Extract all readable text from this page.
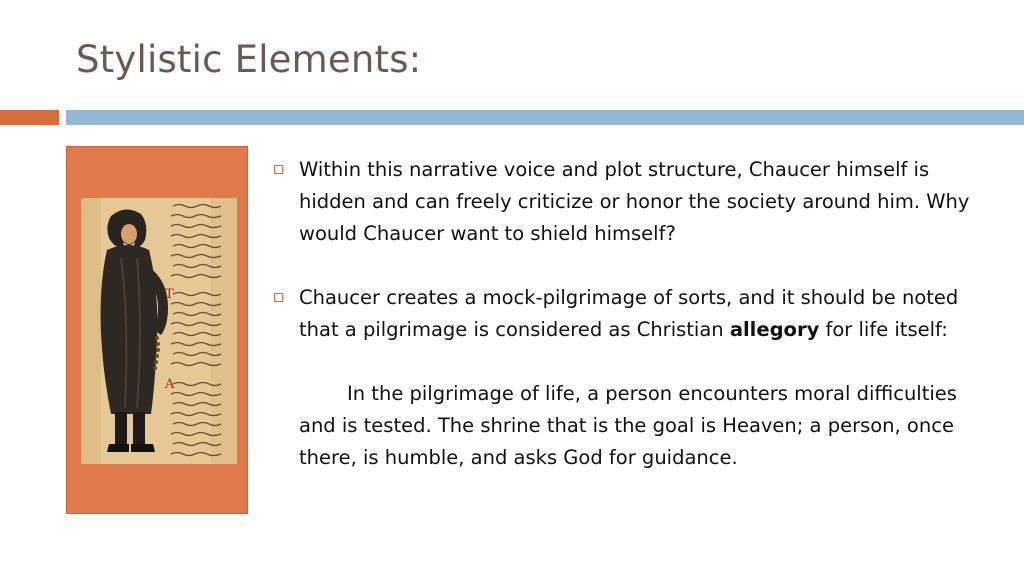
Stylistic Elements:
T
A
Within this narrative voice and plot structure, Chaucer himself is hidden and can freely criticize or honor the society around him. Why would Chaucer want to shield himself?
Chaucer creates a mock-pilgrimage of sorts, and it should be noted that a pilgrimage is considered as Christian allegory for life itself:
In the pilgrimage of life, a person encounters moral difficulties and is tested. The shrine that is the goal is Heaven; a person, once there, is humble, and asks God for guidance.
